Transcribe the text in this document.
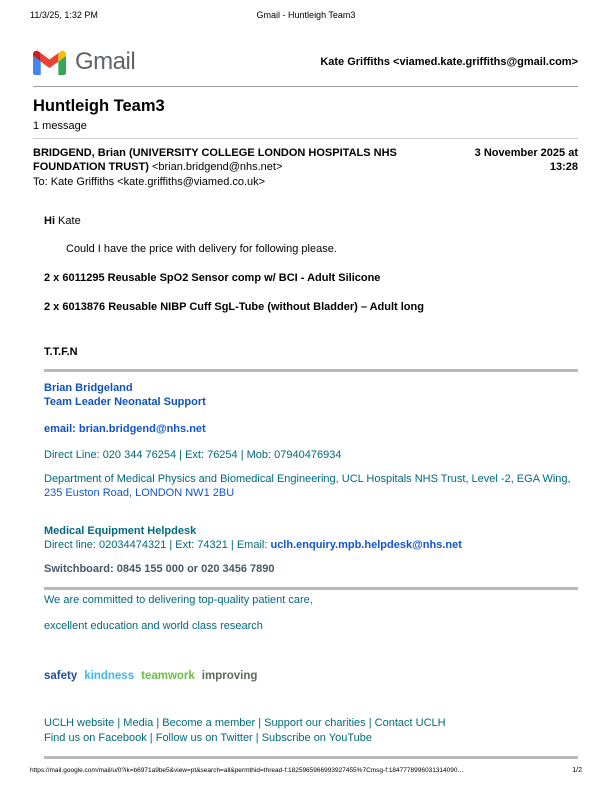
11/3/25, 1:32 PM	Gmail - Huntleigh Team3
Gmail	Kate Griffiths <viamed.kate.griffiths@gmail.com>
Huntleigh Team3
1 message
BRIDGEND, Brian (UNIVERSITY COLLEGE LONDON HOSPITALS NHS FOUNDATION TRUST) <brian.bridgend@nhs.net>
To: Kate Griffiths <kate.griffiths@viamed.co.uk>
3 November 2025 at 13:28
Hi Kate
Could I have the price with delivery for following please.
2 x 6011295 Reusable SpO2 Sensor comp w/ BCI - Adult Silicone
2 x 6013876 Reusable NIBP Cuff SgL-Tube (without Bladder) – Adult long
T.T.F.N
Brian Bridgeland
Team Leader Neonatal Support
email: brian.bridgend@nhs.net
Direct Line: 020 344 76254 | Ext: 76254 | Mob: 07940476934
Department of Medical Physics and Biomedical Engineering, UCL Hospitals NHS Trust, Level -2, EGA Wing, 235 Euston Road, LONDON NW1 2BU
Medical Equipment Helpdesk
Direct line: 02034474321 | Ext: 74321 | Email: uclh.enquiry.mpb.helpdesk@nhs.net
Switchboard: 0845 155 000 or 020 3456 7890
We are committed to delivering top-quality patient care,
excellent education and world class research
safety kindness teamwork improving
UCLH website | Media | Become a member | Support our charities | Contact UCLH
Find us on Facebook | Follow us on Twitter | Subscribe on YouTube
https://mail.google.com/mail/u/0?ik=b6971a9be5&view=pt&search=all&permthid=thread-f:1825965966993927455%7Cmsg-f:1847778996031314090…	1/2
